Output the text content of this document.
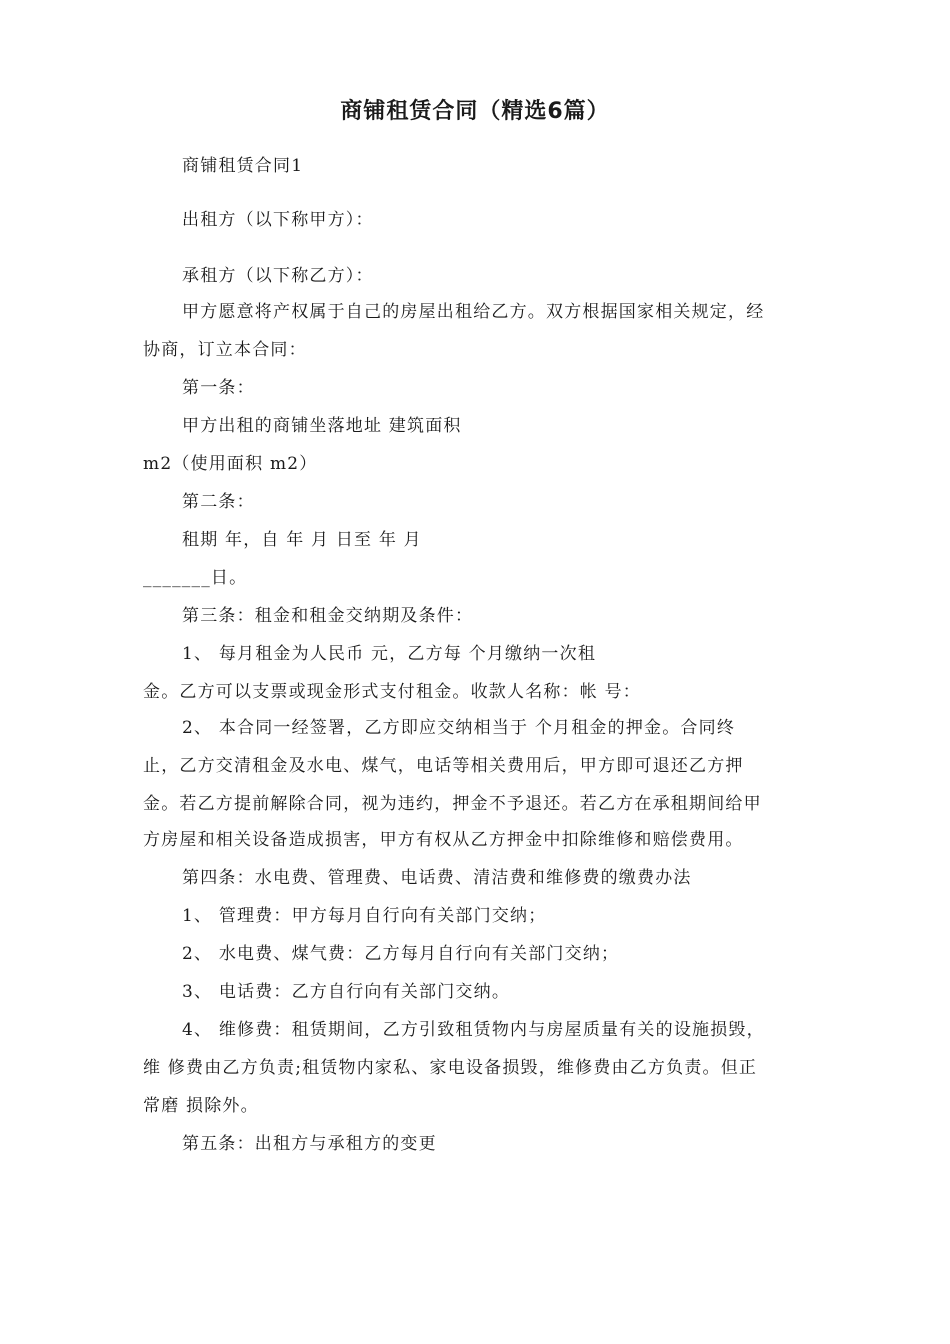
商铺租赁合同（精选6篇）
商铺租赁合同1
出租方（以下称甲方）：
承租方（以下称乙方）：
甲方愿意将产权属于自己的房屋出租给乙方。双方根据国家相关规定，经
协商，订立本合同：
第一条：
甲方出租的商铺坐落地址 建筑面积
m2（使用面积 m2）
第二条：
租期 年，自 年 月 日至 年 月
_______日。
第三条：租金和租金交纳期及条件：
1、 每月租金为人民币 元，乙方每 个月缴纳一次租
金。乙方可以支票或现金形式支付租金。收款人名称：帐 号：
2、 本合同一经签署，乙方即应交纳相当于 个月租金的押金。合同终
止，乙方交清租金及水电、煤气，电话等相关费用后，甲方即可退还乙方押
金。若乙方提前解除合同，视为违约，押金不予退还。若乙方在承租期间给甲
方房屋和相关设备造成损害，甲方有权从乙方押金中扣除维修和赔偿费用。
第四条：水电费、管理费、电话费、清洁费和维修费的缴费办法
1、 管理费：甲方每月自行向有关部门交纳；
2、 水电费、煤气费：乙方每月自行向有关部门交纳；
3、 电话费：乙方自行向有关部门交纳。
4、 维修费：租赁期间，乙方引致租赁物内与房屋质量有关的设施损毁，
维 修费由乙方负责;租赁物内家私、家电设备损毁，维修费由乙方负责。但正
常磨 损除外。
第五条：出租方与承租方的变更
